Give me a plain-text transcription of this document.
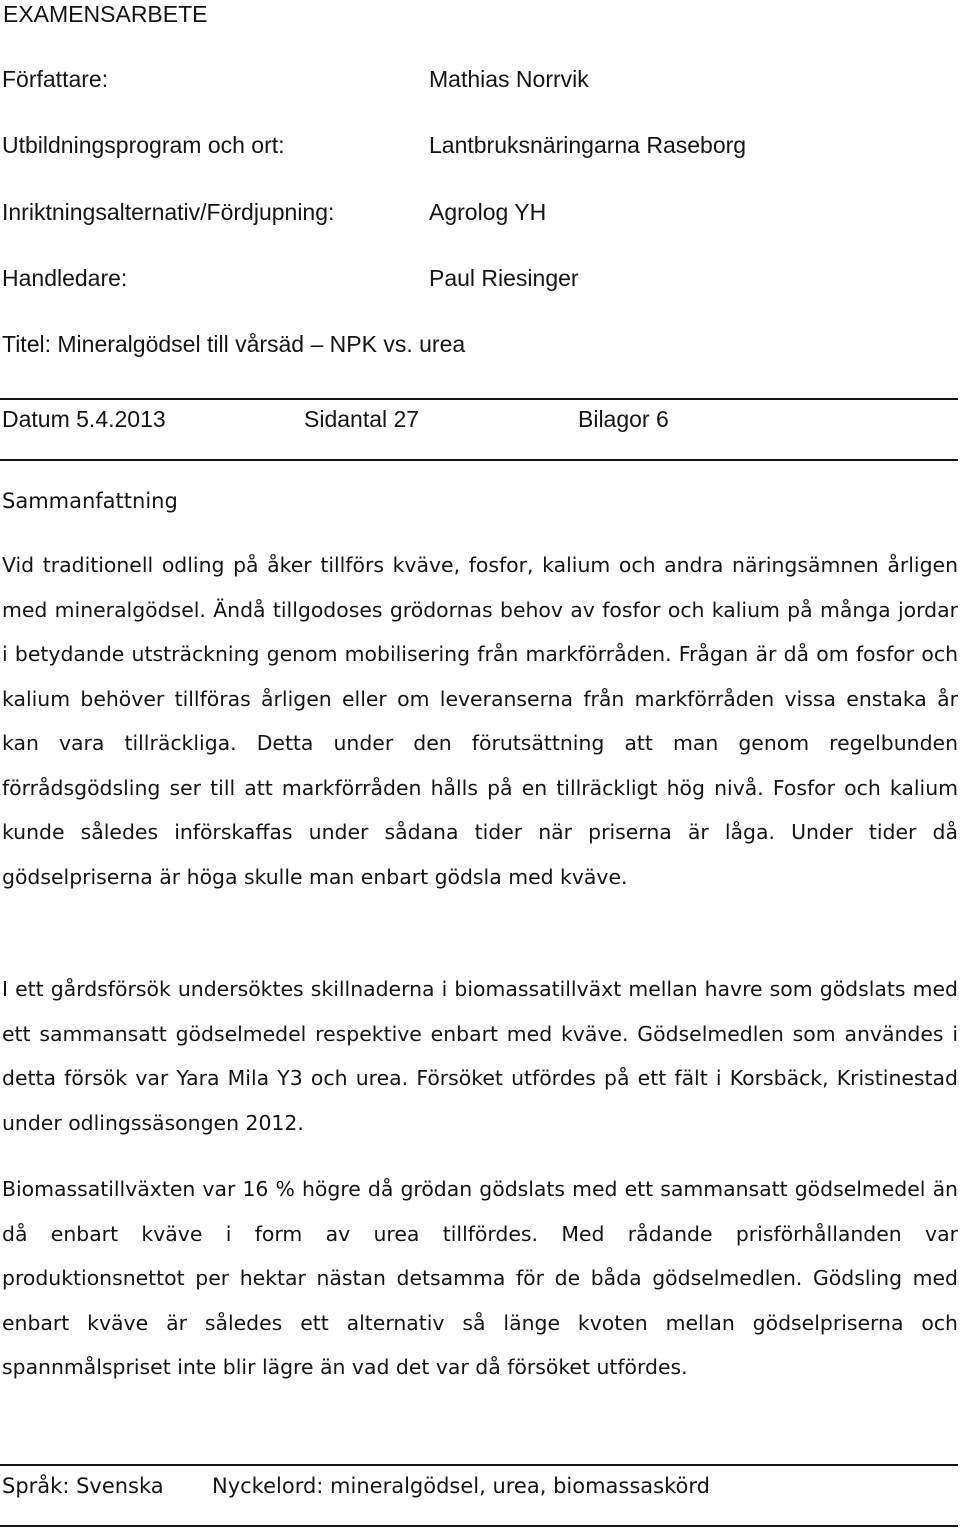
EXAMENSARBETE
Författare:	Mathias Norrvik
Utbildningsprogram och ort:	Lantbruksnäringarna Raseborg
Inriktningsalternativ/Fördjupning:	Agrolog YH
Handledare:	Paul Riesinger
Titel: Mineralgödsel till vårsäd – NPK vs. urea
Datum 5.4.2013	Sidantal 27	Bilagor 6
Sammanfattning

Vid traditionell odling på åker tillförs kväve, fosfor, kalium och andra näringsämnen årligen med mineralgödsel. Ändå tillgodoses grödornas behov av fosfor och kalium på många jordar i betydande utsträckning genom mobilisering från markförråden. Frågan är då om fosfor och kalium behöver tillföras årligen eller om leveranserna från markförråden vissa enstaka år kan vara tillräckliga. Detta under den förutsättning att man genom regelbunden förrådsgödsling ser till att markförråden hålls på en tillräckligt hög nivå. Fosfor och kalium kunde således införskaffas under sådana tider när priserna är låga. Under tider då gödselpriserna är höga skulle man enbart gödsla med kväve.

I ett gårdsförsök undersöktes skillnaderna i biomassatillväxt mellan havre som gödslats med ett sammansatt gödselmedel respektive enbart med kväve. Gödselmedlen som användes i detta försök var Yara Mila Y3 och urea. Försöket utfördes på ett fält i Korsbäck, Kristinestad under odlingssäsongen 2012.

Biomassatillväxten var 16 % högre då grödan gödslats med ett sammansatt gödselmedel än då enbart kväve i form av urea tillfördes. Med rådande prisförhållanden var produktionsnettot per hektar nästan detsamma för de båda gödselmedlen. Gödsling med enbart kväve är således ett alternativ så länge kvoten mellan gödselpriserna och spannmålspriset inte blir lägre än vad det var då försöket utfördes.

Språk: Svenska Nyckelord: mineralgödsel, urea, biomassaskörd
